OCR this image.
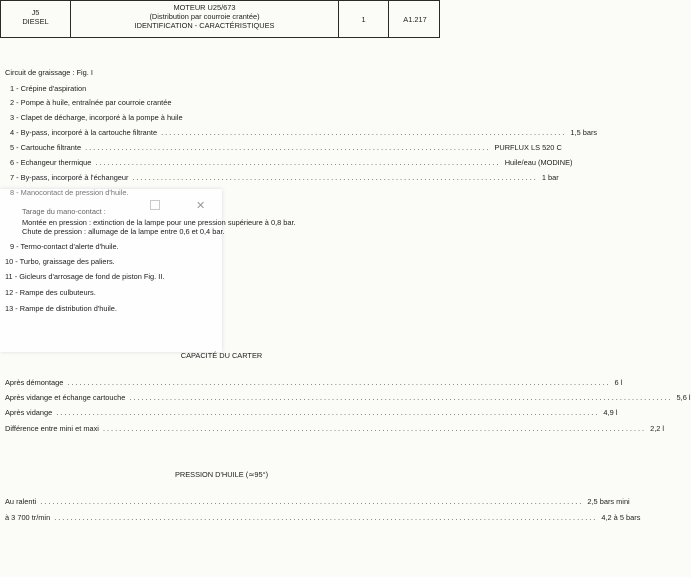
J5
DIESEL
MOTEUR U25/673
(Distribution par courroie crantée)
IDENTIFICATION - CARACTÉRISTIQUES
1	A1.217
Circuit de graissage : Fig. I
1 - Crépine d'aspiration
2 - Pompe à huile, entraînée par courroie crantée
3 - Clapet de décharge, incorporé à la pompe à huile
4 - By-pass, incorporé à la cartouche filtrante .................................................................................................... 1,5 bars
5 - Cartouche filtrante .................................................................................................... PURFLUX LS 520 C
6 - Echangeur thermique .................................................................................................... Huile/eau (MODINE)
7 - By-pass, incorporé à l'échangeur .................................................................................................... 1 bar
✕
8 - Manocontact de pression d'huile.
Tarage du mano-contact :
Montée en pression : extinction de la lampe pour une pression supérieure à 0,8 bar.
Chute de pression : allumage de la lampe entre 0,6 et 0,4 bar.
9 - Termo-contact d'alerte d'huile.
10 - Turbo, graissage des paliers.
11 - Gicleurs d'arrosage de fond de piston Fig. II.
12 - Rampe des culbuteurs.
13 - Rampe de distribution d'huile.
CAPACITÉ DU CARTER
Après démontage ...................................................................................................................................... 6 l
Après vidange et échange cartouche ...................................................................................................................................... 5,6 l
Après vidange ...................................................................................................................................... 4,9 l
Différence entre mini et maxi ...................................................................................................................................... 2,2 l
PRESSION D'HUILE (≃95°)
Au ralenti ...................................................................................................................................... 2,5 bars mini
à 3 700 tr/min ...................................................................................................................................... 4,2 à 5 bars
